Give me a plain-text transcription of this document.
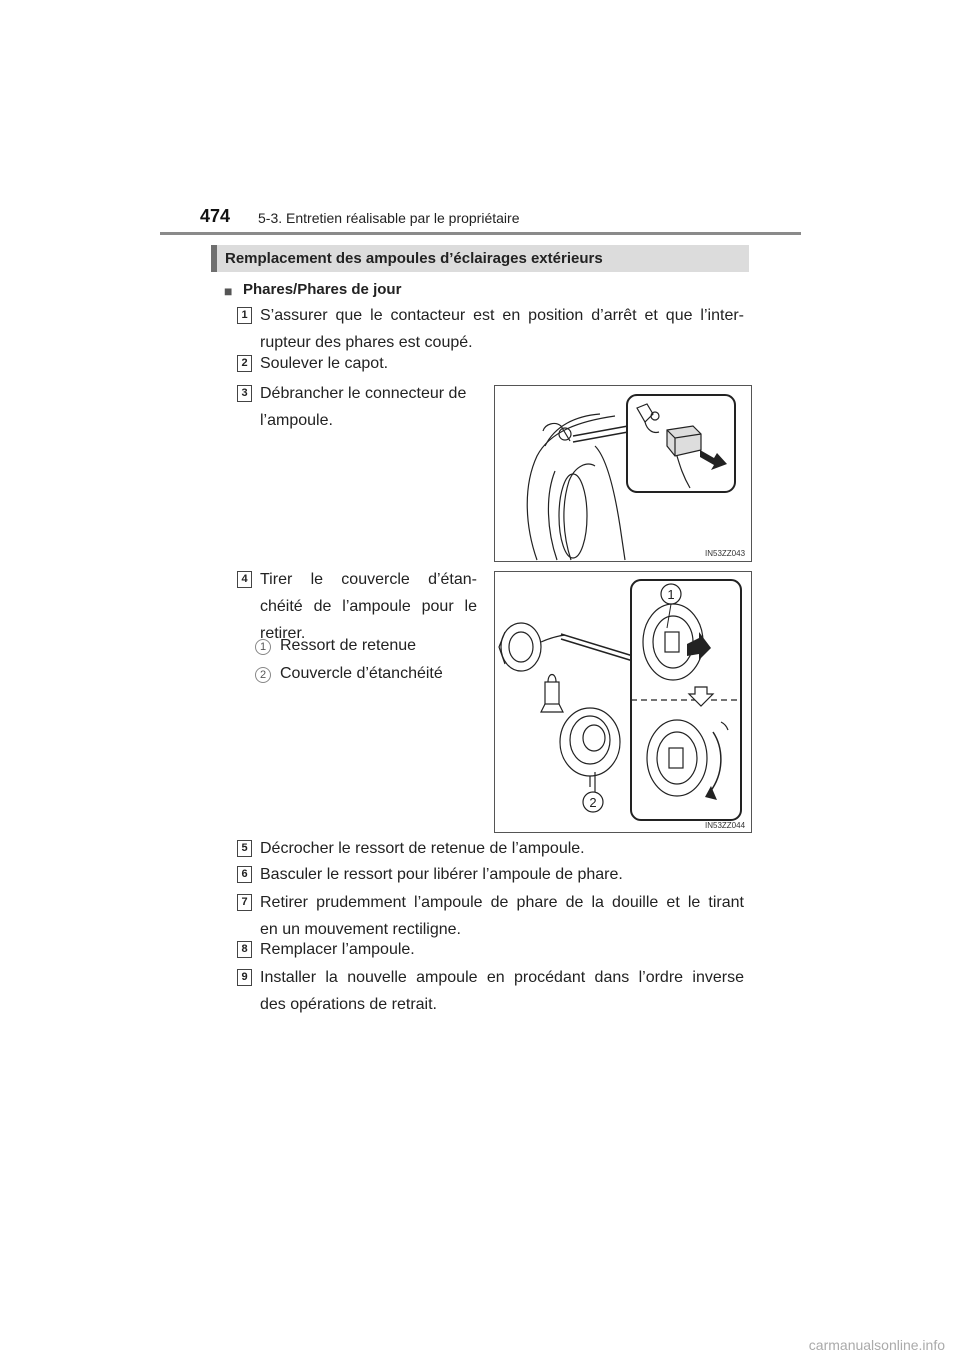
474 5-3. Entretien réalisable par le propriétaire
Remplacement des ampoules d’éclairages extérieurs
■ Phares/Phares de jour
1 S’assurer que le contacteur est en position d’arrêt et que l’inter-
rupteur des phares est coupé.
2 Soulever le capot.
3 Débrancher le connecteur de
l’ampoule.
IN53ZZ043
4 Tirer le couvercle d’étan-
chéité de l’ampoule pour le
retirer.
1 Ressort de retenue
2 Couvercle d’étanchéité
1
2
IN53ZZ044
5 Décrocher le ressort de retenue de l’ampoule.
6 Basculer le ressort pour libérer l’ampoule de phare.
7 Retirer prudemment l’ampoule de phare de la douille et le tirant
en un mouvement rectiligne.
8 Remplacer l’ampoule.
9 Installer la nouvelle ampoule en procédant dans l’ordre inverse
des opérations de retrait.
carmanualsonline.info
